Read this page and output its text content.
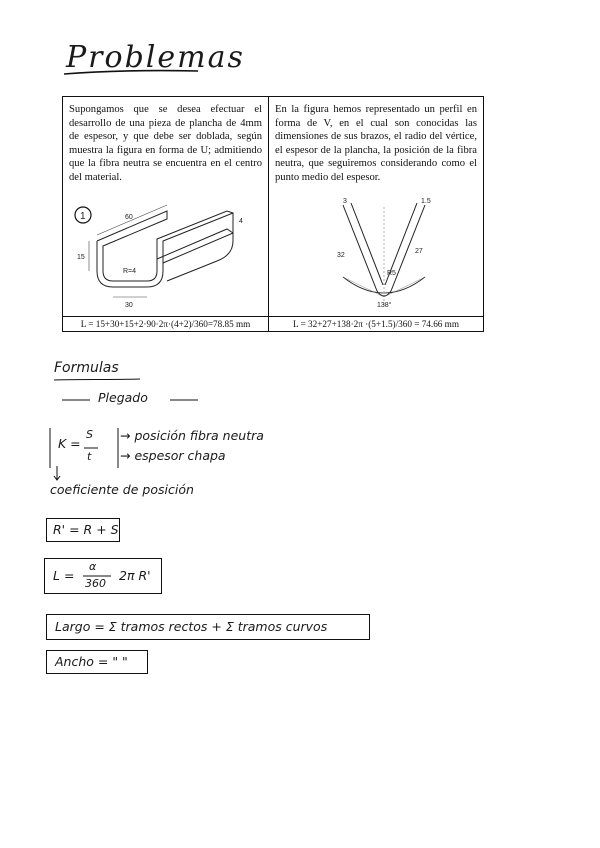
Problemas
Supongamos que se desea efectuar el desarrollo de una pieza de plancha de 4mm de espesor, y que debe ser doblada, según muestra la figura en forma de U; admitiendo que la fibra neutra se encuentra en el centro del material.
1	60
15
R=4
30
4
L = 15+30+15+2·90·2π·(4+2)/360=78.85 mm
En la figura hemos representado un perfil en forma de V, en el cual son conocidas las dimensiones de sus brazos, el radio del vértice, el espesor de la plancha, la posición de la fibra neutra, que seguiremos considerando como el punto medio del espesor.
32
27
3	1.5
R5
138°
L = 32+27+138·2π ·(5+1.5)/360 = 74.66 mm
Formulas
Plegado
K =
S
t
→ posición fibra neutra
→ espesor chapa
coeficiente de posición
R' = R + S
L =
α
360
2π R'
Largo = Σ tramos rectos + Σ tramos curvos
Ancho = " "
